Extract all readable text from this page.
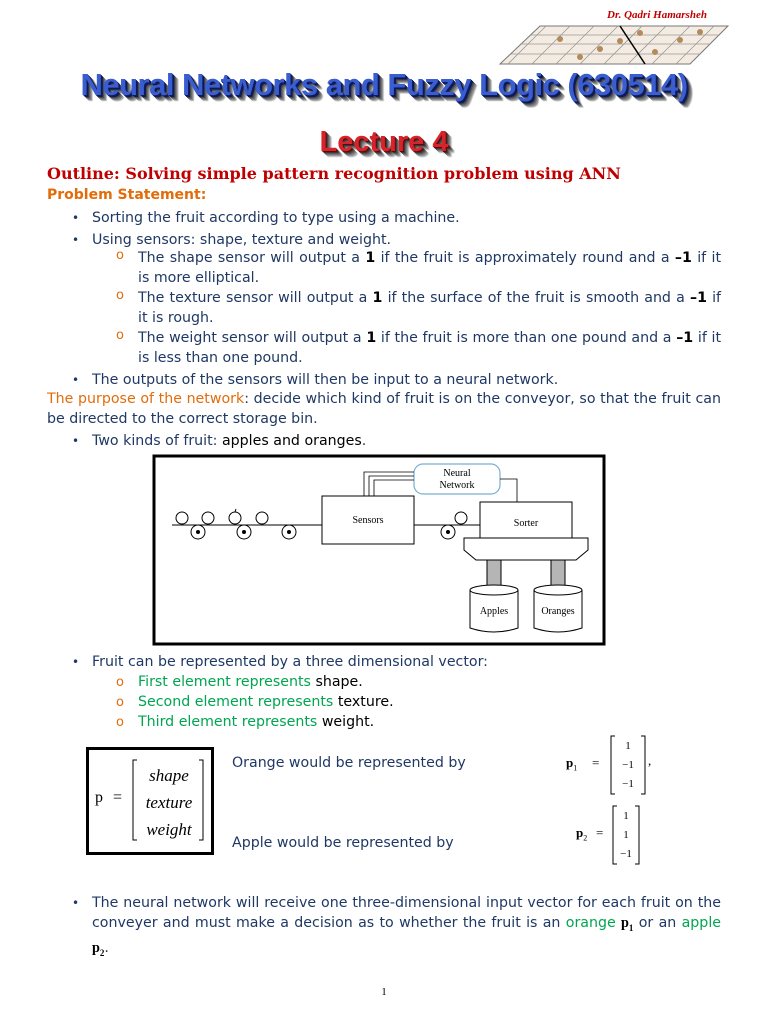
Dr. Qadri Hamarsheh
Neural Networks and Fuzzy Logic (630514)
Lecture 4
Outline: Solving simple pattern recognition problem using ANN
Problem Statement:
• Sorting the fruit according to type using a machine.
• Using sensors: shape, texture and weight.
o The shape sensor will output a 1 if the fruit is approximately round and a –1 if it is more elliptical.
o The texture sensor will output a 1 if the surface of the fruit is smooth and a –1 if it is rough.
o The weight sensor will output a 1 if the fruit is more than one pound and a –1 if it is less than one pound.
• The outputs of the sensors will then be input to a neural network.
The purpose of the network: decide which kind of fruit is on the conveyor, so that the fruit can be directed to the correct storage bin.
• Two kinds of fruit: apples and oranges.
Neural
Network
Sensors	Sorter
Apples	Oranges
• Fruit can be represented by a three dimensional vector:
o First element represents shape.
o Second element represents texture.
o Third element represents weight.
p =
shape
texture
weight
Orange would be represented by
Apple would be represented by
$p_1$ =
1
−1
−1
,
$p_2$ =
1
1
−1
• The neural network will receive one three-dimensional input vector for each fruit on the conveyer and must make a decision as to whether the fruit is an orange $p_1$ or an apple $p_2$.
1
